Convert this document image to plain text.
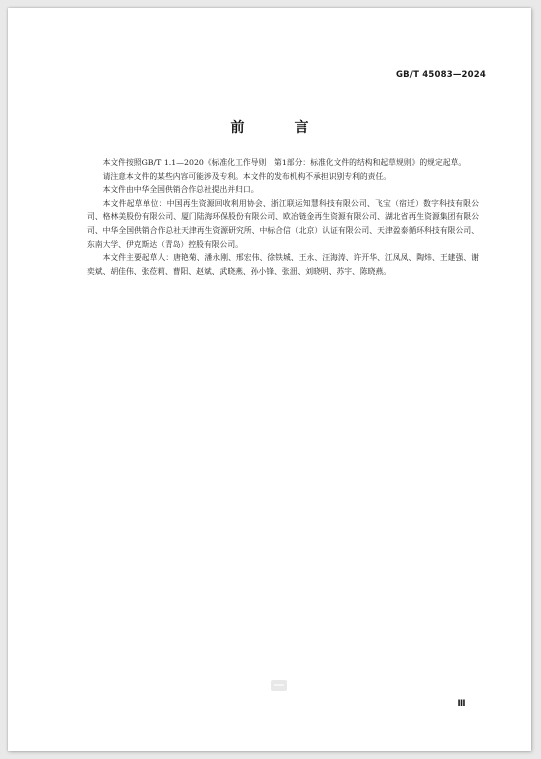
GB/T 45083—2024
前　言

本文件按照GB/T 1.1—2020《标准化工作导则　第1部分：标准化文件的结构和起草规则》的规定起草。

请注意本文件的某些内容可能涉及专利。本文件的发布机构不承担识别专利的责任。

本文件由中华全国供销合作总社提出并归口。

本文件起草单位：中国再生资源回收利用协会、浙江联运知慧科技有限公司、飞宝（宿迁）数字科技有限公司、格林美股份有限公司、厦门陆海环保股份有限公司、欧冶链金再生资源有限公司、湖北省再生资源集团有限公司、中华全国供销合作总社天津再生资源研究所、中标合信（北京）认证有限公司、天津盈泰循环科技有限公司、东南大学、伊克斯达（青岛）控股有限公司。

本文件主要起草人：唐艳菊、潘永刚、邢宏伟、徐铁城、王永、汪海涛、许开华、江凤凤、陶炜、王建强、谢奕斌、胡佳伟、张莅莉、曹阳、赵斌、武晓燕、孙小锋、张沺、刘晓明、苏宇、陈晓燕。

Ⅲ
